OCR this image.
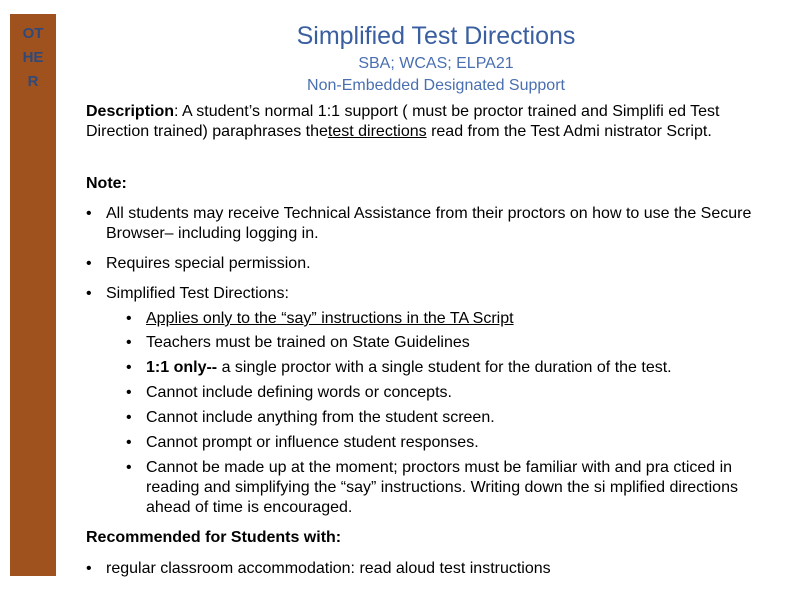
OT
HE
R
Simplified Test Directions
SBA; WCAS; ELPA21
Non-Embedded Designated Support
Description: A student’s normal 1:1 support ( must be proctor trained and Simplifi ed Test Direction trained) paraphrases thetest directions read from the Test Admi nistrator Script.
Note:
• All students may receive Technical Assistance from their proctors on how to use the Secure Browser– including logging in.
• Requires special permission.
• Simplified Test Directions:
• Applies only to the “say” instructions in the TA Script
• Teachers must be trained on State Guidelines
• 1:1 only-- a single proctor with a single student for the duration of the test.
• Cannot include defining words or concepts.
• Cannot include anything from the student screen.
• Cannot prompt or influence student responses.
• Cannot be made up at the moment; proctors must be familiar with and pra cticed in reading and simplifying the “say” instructions. Writing down the si mplified directions ahead of time is encouraged.
Recommended for Students with:
• regular classroom accommodation: read aloud test instructions
